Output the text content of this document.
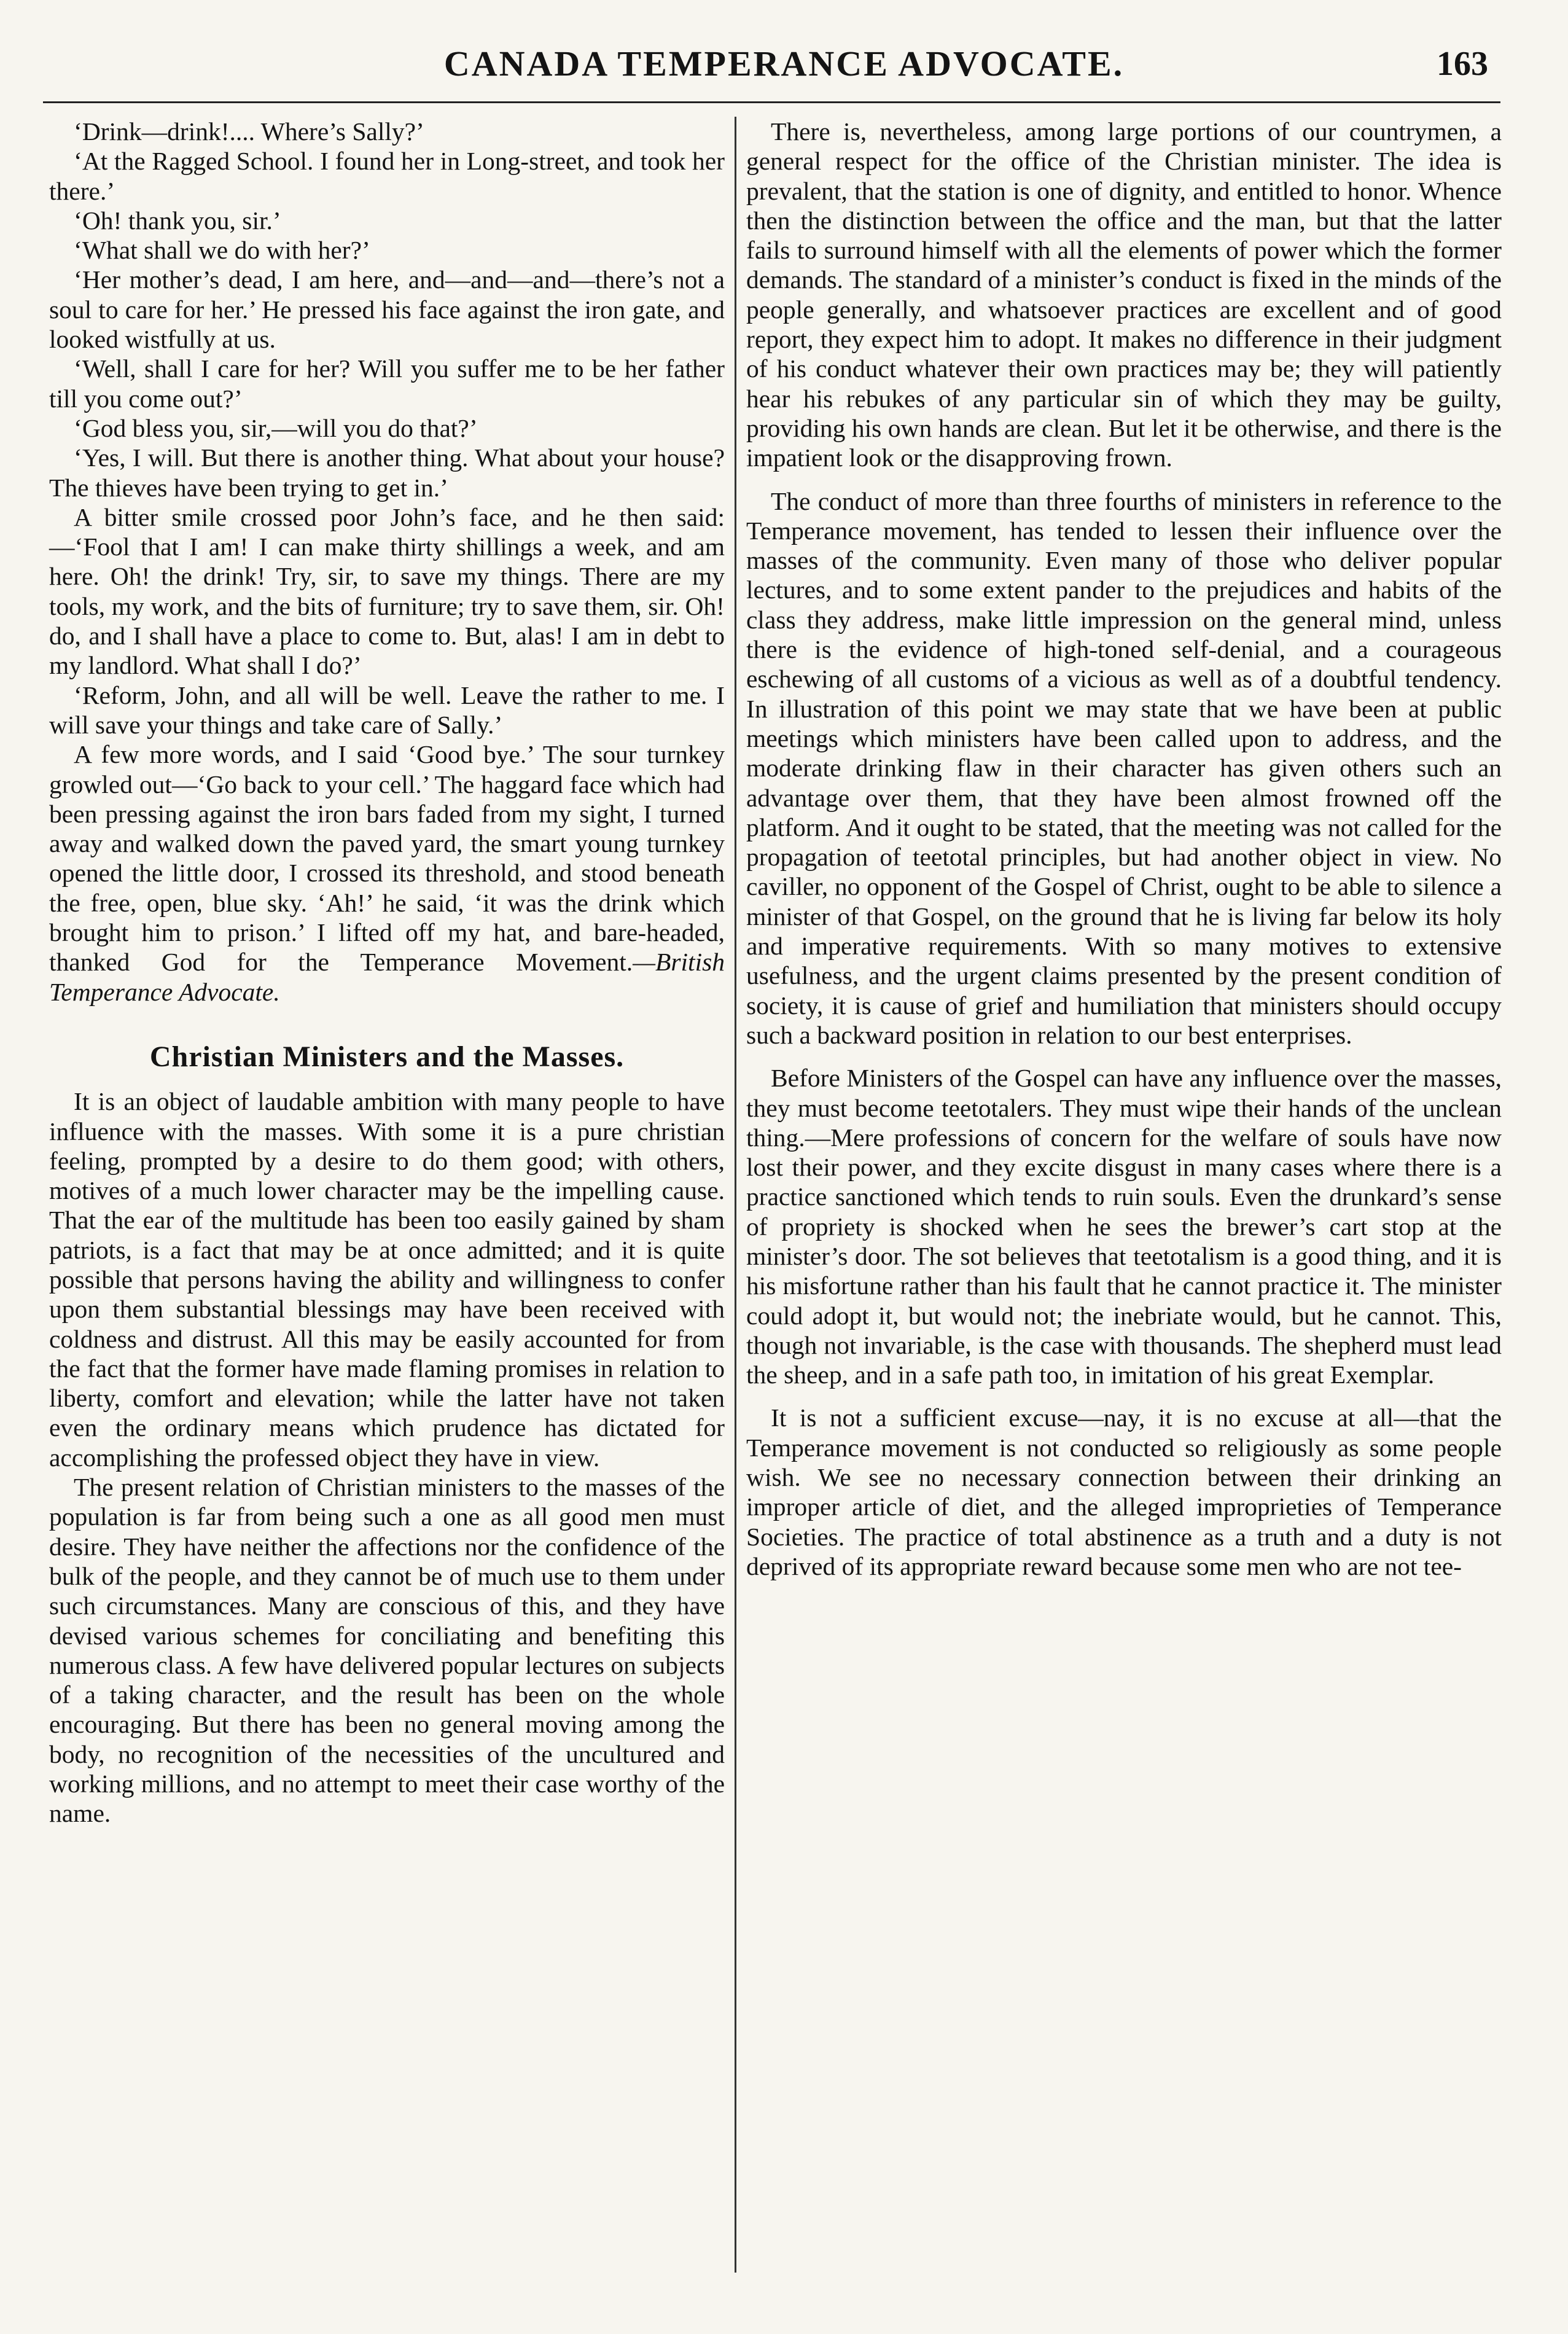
CANADA TEMPERANCE ADVOCATE.	163

‘Drink—drink!.... Where’s Sally?’

‘At the Ragged School. I found her in Long-street, and took her there.’

‘Oh! thank you, sir.’

‘What shall we do with her?’

‘Her mother’s dead, I am here, and—and—and—there’s not a soul to care for her.’ He pressed his face against the iron gate, and looked wistfully at us.

‘Well, shall I care for her? Will you suffer me to be her father till you come out?’

‘God bless you, sir,—will you do that?’

‘Yes, I will. But there is another thing. What about your house? The thieves have been trying to get in.’

A bitter smile crossed poor John’s face, and he then said:—‘Fool that I am! I can make thirty shillings a week, and am here. Oh! the drink! Try, sir, to save my things. There are my tools, my work, and the bits of furniture; try to save them, sir. Oh! do, and I shall have a place to come to. But, alas! I am in debt to my landlord. What shall I do?’

‘Reform, John, and all will be well. Leave the rather to me. I will save your things and take care of Sally.’

A few more words, and I said ‘Good bye.’ The sour turnkey growled out—‘Go back to your cell.’ The haggard face which had been pressing against the iron bars faded from my sight, I turned away and walked down the paved yard, the smart young turnkey opened the little door, I crossed its threshold, and stood beneath the free, open, blue sky. ‘Ah!’ he said, ‘it was the drink which brought him to prison.’ I lifted off my hat, and bare-headed, thanked God for the Temperance Movement.—British Temperance Advocate.

Christian Ministers and the Masses.

It is an object of laudable ambition with many people to have influence with the masses. With some it is a pure christian feeling, prompted by a desire to do them good; with others, motives of a much lower character may be the impelling cause. That the ear of the multitude has been too easily gained by sham patriots, is a fact that may be at once admitted; and it is quite possible that persons having the ability and willingness to confer upon them substantial blessings may have been received with coldness and distrust. All this may be easily accounted for from the fact that the former have made flaming promises in relation to liberty, comfort and elevation; while the latter have not taken even the ordinary means which prudence has dictated for accomplishing the professed object they have in view.

The present relation of Christian ministers to the masses of the population is far from being such a one as all good men must desire. They have neither the affections nor the confidence of the bulk of the people, and they cannot be of much use to them under such circumstances. Many are conscious of this, and they have devised various schemes for conciliating and benefiting this numerous class. A few have delivered popular lectures on subjects of a taking character, and the result has been on the whole encouraging. But there has been no general moving among the body, no recognition of the necessities of the uncultured and working millions, and no attempt to meet their case worthy of the name.

There is, nevertheless, among large portions of our countrymen, a general respect for the office of the Christian minister. The idea is prevalent, that the station is one of dignity, and entitled to honor. Whence then the distinction between the office and the man, but that the latter fails to surround himself with all the elements of power which the former demands. The standard of a minister’s conduct is fixed in the minds of the people generally, and whatsoever practices are excellent and of good report, they expect him to adopt. It makes no difference in their judgment of his conduct whatever their own practices may be; they will patiently hear his rebukes of any particular sin of which they may be guilty, providing his own hands are clean. But let it be otherwise, and there is the impatient look or the disapproving frown.

The conduct of more than three fourths of ministers in reference to the Temperance movement, has tended to lessen their influence over the masses of the community. Even many of those who deliver popular lectures, and to some extent pander to the prejudices and habits of the class they address, make little impression on the general mind, unless there is the evidence of high-toned self-denial, and a courageous eschewing of all customs of a vicious as well as of a doubtful tendency. In illustration of this point we may state that we have been at public meetings which ministers have been called upon to address, and the moderate drinking flaw in their character has given others such an advantage over them, that they have been almost frowned off the platform. And it ought to be stated, that the meeting was not called for the propagation of teetotal principles, but had another object in view. No caviller, no opponent of the Gospel of Christ, ought to be able to silence a minister of that Gospel, on the ground that he is living far below its holy and imperative requirements. With so many motives to extensive usefulness, and the urgent claims presented by the present condition of society, it is cause of grief and humiliation that ministers should occupy such a backward position in relation to our best enterprises.

Before Ministers of the Gospel can have any influence over the masses, they must become teetotalers. They must wipe their hands of the unclean thing.—Mere professions of concern for the welfare of souls have now lost their power, and they excite disgust in many cases where there is a practice sanctioned which tends to ruin souls. Even the drunkard’s sense of propriety is shocked when he sees the brewer’s cart stop at the minister’s door. The sot believes that teetotalism is a good thing, and it is his misfortune rather than his fault that he cannot practice it. The minister could adopt it, but would not; the inebriate would, but he cannot. This, though not invariable, is the case with thousands. The shepherd must lead the sheep, and in a safe path too, in imitation of his great Exemplar.

It is not a sufficient excuse—nay, it is no excuse at all—that the Temperance movement is not conducted so religiously as some people wish. We see no necessary connection between their drinking an improper article of diet, and the alleged improprieties of Temperance Societies. The practice of total abstinence as a truth and a duty is not deprived of its appropriate reward because some men who are not tee-
